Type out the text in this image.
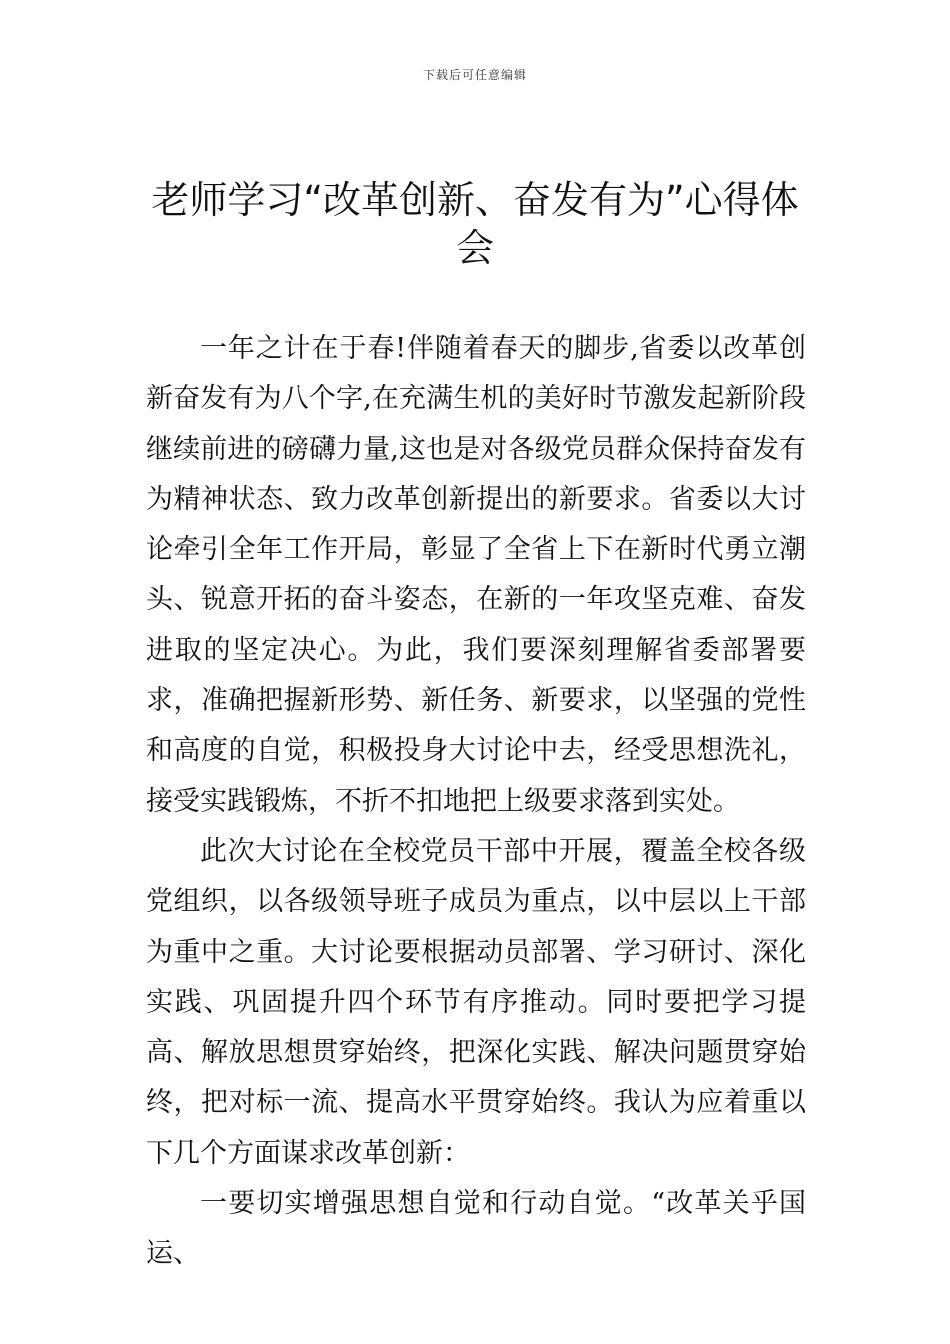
下载后可任意编辑
老师学习“改革创新、奋发有为”心得体会

一年之计在于春!伴随着春天的脚步,省委以改革创新奋发有为八个字,在充满生机的美好时节激发起新阶段继续前进的磅礴力量,这也是对各级党员群众保持奋发有为精神状态、致力改革创新提出的新要求。省委以大讨论牵引全年工作开局，彰显了全省上下在新时代勇立潮头、锐意开拓的奋斗姿态，在新的一年攻坚克难、奋发进取的坚定决心。为此，我们要深刻理解省委部署要求，准确把握新形势、新任务、新要求，以坚强的党性和高度的自觉，积极投身大讨论中去，经受思想洗礼，接受实践锻炼，不折不扣地把上级要求落到实处。

此次大讨论在全校党员干部中开展，覆盖全校各级党组织，以各级领导班子成员为重点，以中层以上干部为重中之重。大讨论要根据动员部署、学习研讨、深化实践、巩固提升四个环节有序推动。同时要把学习提高、解放思想贯穿始终，把深化实践、解决问题贯穿始终，把对标一流、提高水平贯穿始终。我认为应着重以下几个方面谋求改革创新：

一要切实增强思想自觉和行动自觉。“改革关乎国运、
